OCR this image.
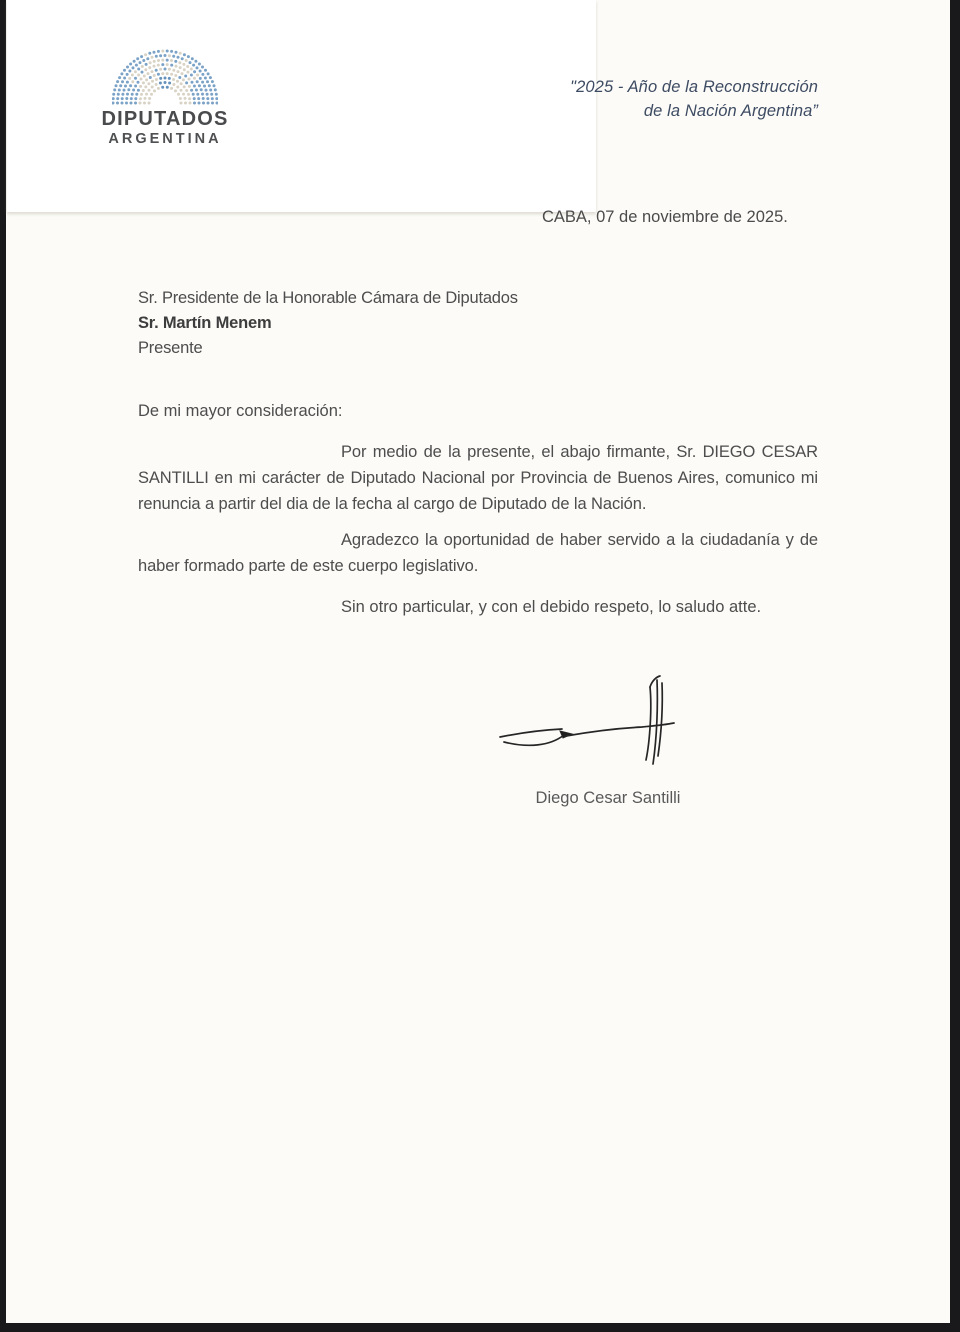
DIPUTADOS
ARGENTINA
"2025 - Año de la Reconstrucción
de la Nación Argentina”
CABA, 07 de noviembre de 2025.
Sr. Presidente de la Honorable Cámara de Diputados
Sr. Martín Menem
Presente
De mi mayor consideración:
Por medio de la presente, el abajo firmante, Sr. DIEGO CESAR
SANTILLI en mi carácter de Diputado Nacional por Provincia de Buenos Aires, comunico mi
renuncia a partir del dia de la fecha al cargo de Diputado de la Nación.
Agradezco la oportunidad de haber servido a la ciudadanía y de
haber formado parte de este cuerpo legislativo.
Sin otro particular, y con el debido respeto, lo saludo atte.
Diego Cesar Santilli
